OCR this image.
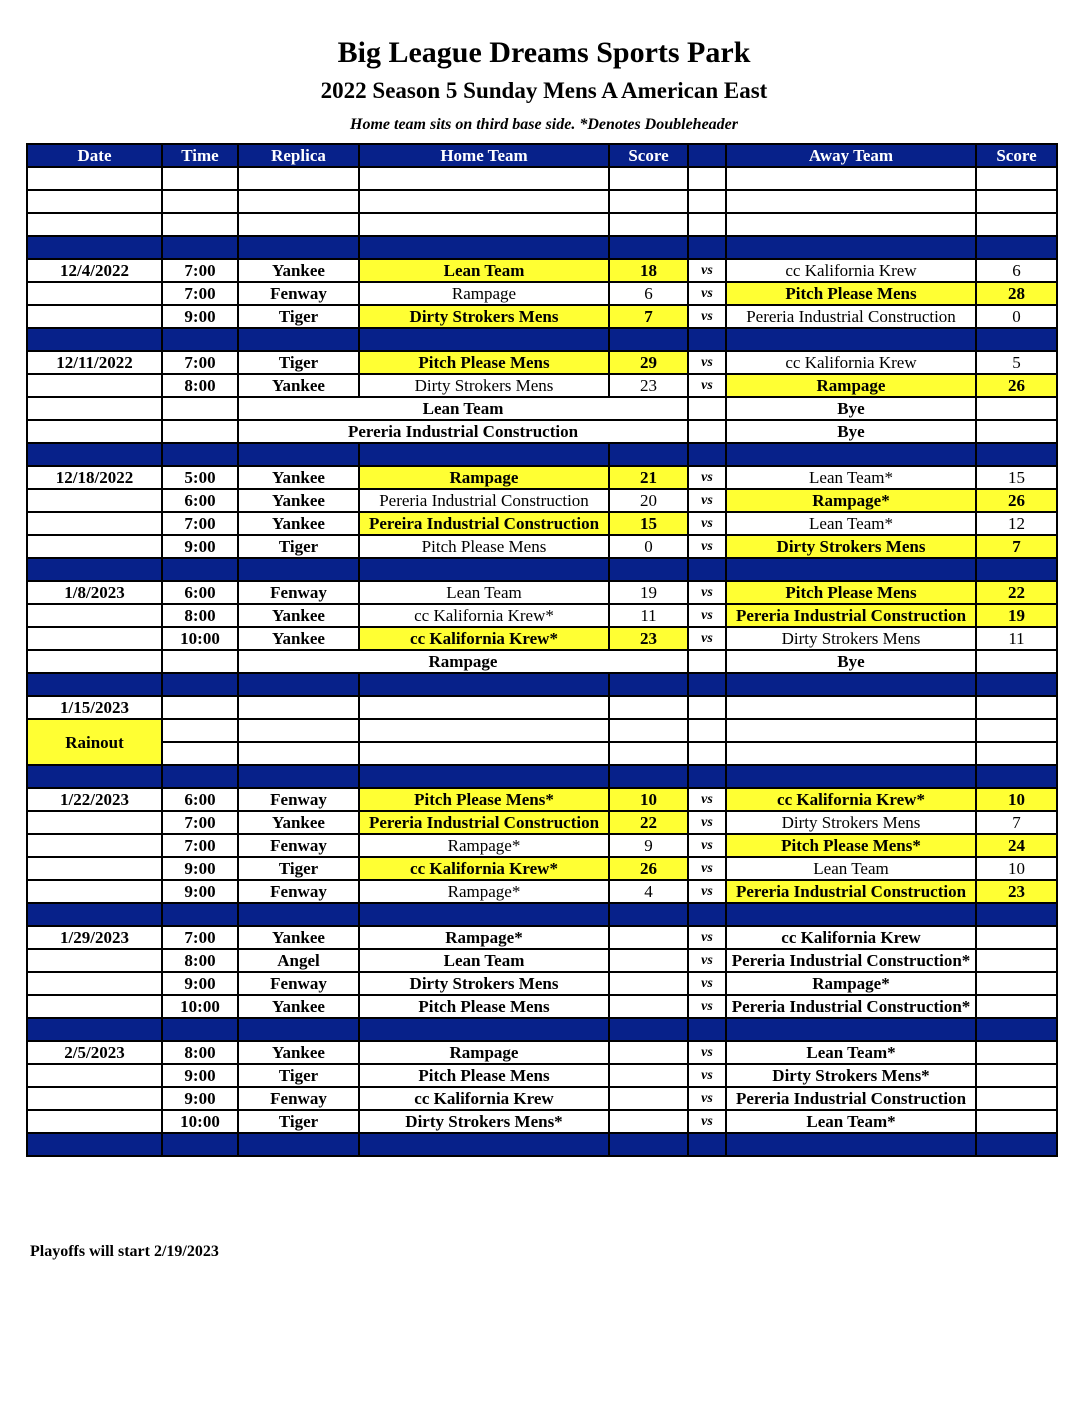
Big League Dreams Sports Park
2022 Season 5 Sunday Mens A American East
Home team sits on third base side. *Denotes Doubleheader
Date	Time	Replica	Home Team	Score		Away Team	Score

12/4/2022	7:00	Yankee	Lean Team	18	vs	cc Kalifornia Krew	6
	7:00	Fenway	Rampage	6	vs	Pitch Please Mens	28
	9:00	Tiger	Dirty Strokers Mens	7	vs	Pereria Industrial Construction	0

12/11/2022	7:00	Tiger	Pitch Please Mens	29	vs	cc Kalifornia Krew	5
	8:00	Yankee	Dirty Strokers Mens	23	vs	Rampage	26
		Lean Team				Bye	
		Pereria Industrial Construction				Bye	

12/18/2022	5:00	Yankee	Rampage	21	vs	Lean Team*	15
	6:00	Yankee	Pereria Industrial Construction	20	vs	Rampage*	26
	7:00	Yankee	Pereira Industrial Construction	15	vs	Lean Team*	12
	9:00	Tiger	Pitch Please Mens	0	vs	Dirty Strokers Mens	7

1/8/2023	6:00	Fenway	Lean Team	19	vs	Pitch Please Mens	22
	8:00	Yankee	cc Kalifornia Krew*	11	vs	Pereria Industrial Construction	19
	10:00	Yankee	cc Kalifornia Krew*	23	vs	Dirty Strokers Mens	11
		Rampage				Bye	

1/15/2023							
Rainout							

1/22/2023	6:00	Fenway	Pitch Please Mens*	10	vs	cc Kalifornia Krew*	10
	7:00	Yankee	Pereria Industrial Construction	22	vs	Dirty Strokers Mens	7
	7:00	Fenway	Rampage*	9	vs	Pitch Please Mens*	24
	9:00	Tiger	cc Kalifornia Krew*	26	vs	Lean Team	10
	9:00	Fenway	Rampage*	4	vs	Pereria Industrial Construction	23

1/29/2023	7:00	Yankee	Rampage*		vs	cc Kalifornia Krew	
	8:00	Angel	Lean Team		vs	Pereria Industrial Construction*	
	9:00	Fenway	Dirty Strokers Mens		vs	Rampage*	
	10:00	Yankee	Pitch Please Mens		vs	Pereria Industrial Construction*	

2/5/2023	8:00	Yankee	Rampage		vs	Lean Team*	
	9:00	Tiger	Pitch Please Mens		vs	Dirty Strokers Mens*	
	9:00	Fenway	cc Kalifornia Krew		vs	Pereria Industrial Construction	
	10:00	Tiger	Dirty Strokers Mens*		vs	Lean Team*	

Playoffs will start 2/19/2023
